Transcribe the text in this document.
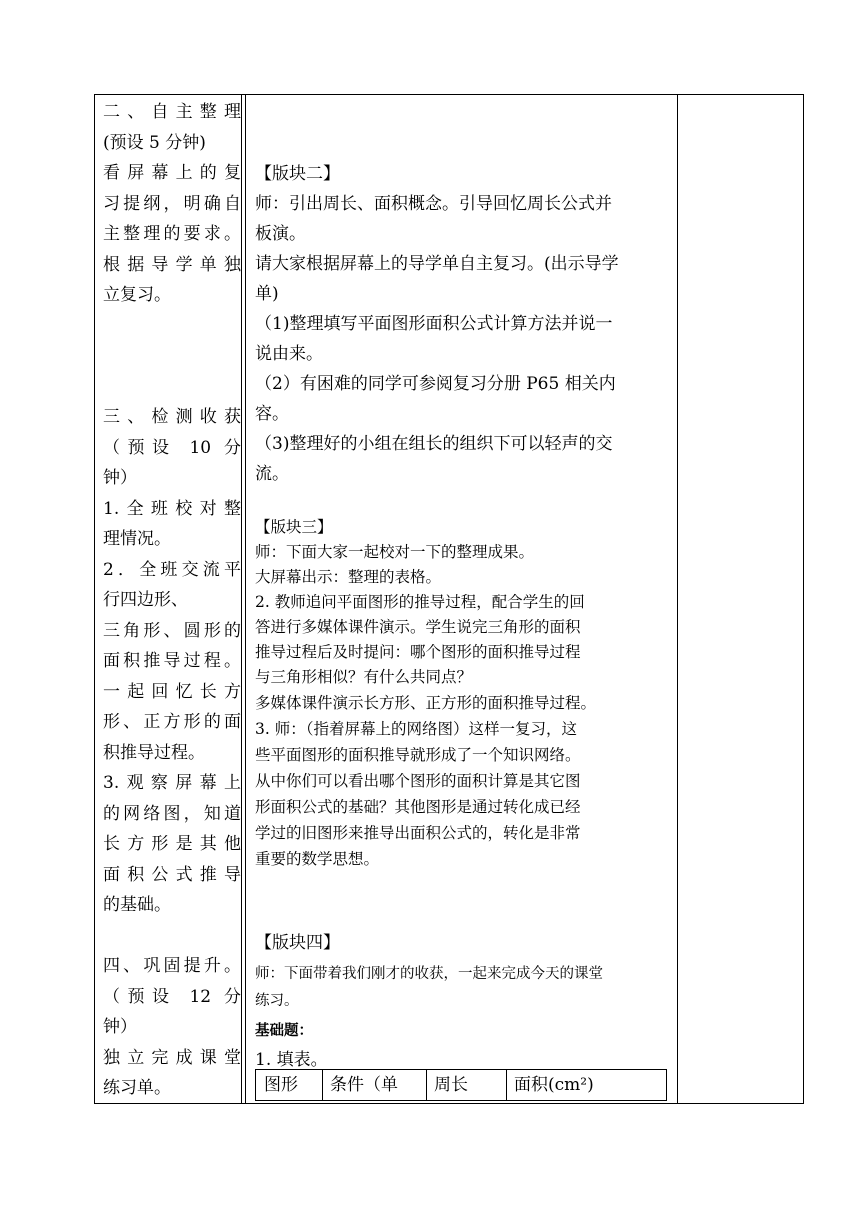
二、自主整理
(预设 5 分钟)
看屏幕上的复
习提纲，明确自
主整理的要求。
根据导学单独
立复习。
三、检测收获
（预设 10 分
钟）
1.全班校对整
理情况。
2．全班交流平
行四边形、
三角形、圆形的
面积推导过程。
一起回忆长方
形、正方形的面
积推导过程。
3.观察屏幕上
的网络图，知道
长方形是其他
面积公式推导
的基础。
四、巩固提升。
（预设 12 分
钟）
独立完成课堂
练习单。
【版块二】
师：引出周长、面积概念。引导回忆周长公式并
板演。
请大家根据屏幕上的导学单自主复习。(出示导学
单)
（1)整理填写平面图形面积公式计算方法并说一
说由来。
（2）有困难的同学可参阅复习分册 P65 相关内
容。
（3)整理好的小组在组长的组织下可以轻声的交
流。
【版块三】
师：下面大家一起校对一下的整理成果。
大屏幕出示：整理的表格。
2. 教师追问平面图形的推导过程，配合学生的回
答进行多媒体课件演示。学生说完三角形的面积
推导过程后及时提问：哪个图形的面积推导过程
与三角形相似？有什么共同点？
多媒体课件演示长方形、正方形的面积推导过程。
3. 师：（指着屏幕上的网络图）这样一复习，这
些平面图形的面积推导就形成了一个知识网络。
从中你们可以看出哪个图形的面积计算是其它图
形面积公式的基础？其他图形是通过转化成已经
学过的旧图形来推导出面积公式的，转化是非常
重要的数学思想。
【版块四】
师：下面带着我们刚才的收获，一起来完成今天的课堂
练习。
基础题：
1. 填表。
图形	条件（单	周长	面积(cm²)
